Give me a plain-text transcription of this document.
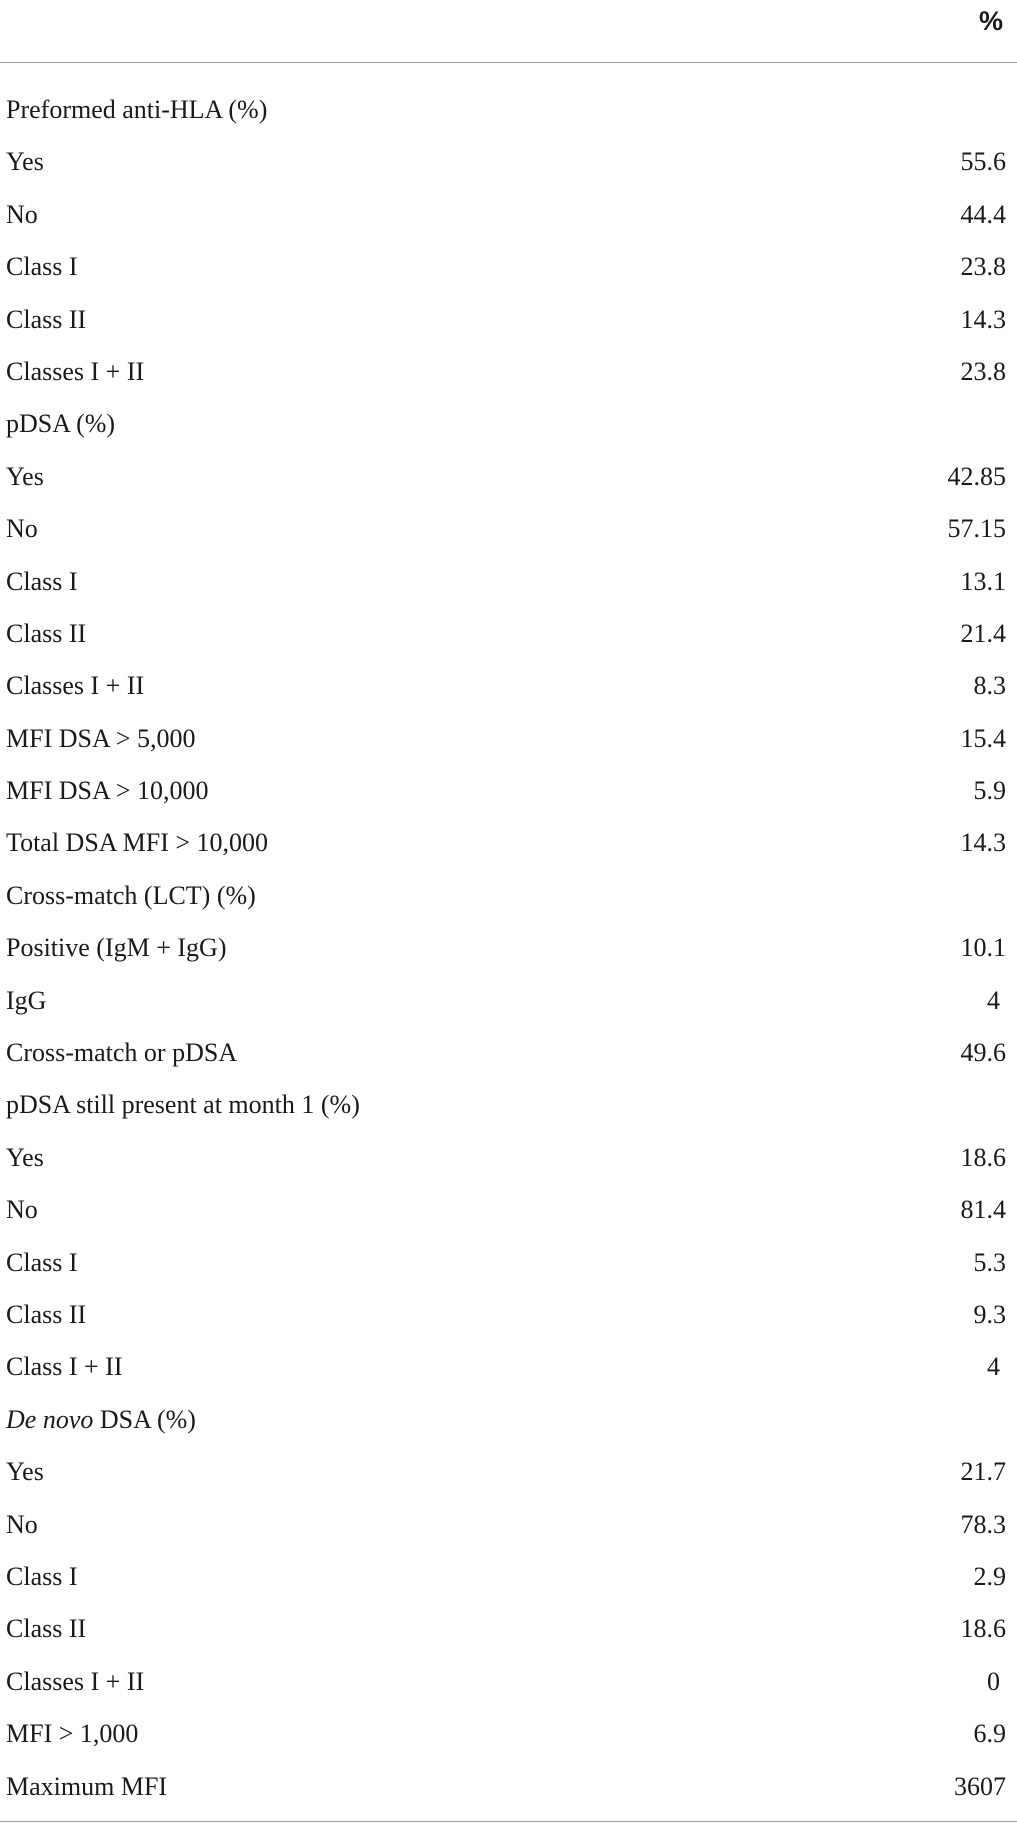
%
Preformed anti-HLA (%)
Yes	55.6
No	44.4
Class I	23.8
Class II	14.3
Classes I + II	23.8
pDSA (%)
Yes	42.85
No	57.15
Class I	13.1
Class II	21.4
Classes I + II	8.3
MFI DSA > 5,000	15.4
MFI DSA > 10,000	5.9
Total DSA MFI > 10,000	14.3
Cross-match (LCT) (%)
Positive (IgM + IgG)	10.1
IgG	4
Cross-match or pDSA	49.6
pDSA still present at month 1 (%)
Yes	18.6
No	81.4
Class I	5.3
Class II	9.3
Class I + II	4
De novo DSA (%)
Yes	21.7
No	78.3
Class I	2.9
Class II	18.6
Classes I + II	0
MFI > 1,000	6.9
Maximum MFI	3607
